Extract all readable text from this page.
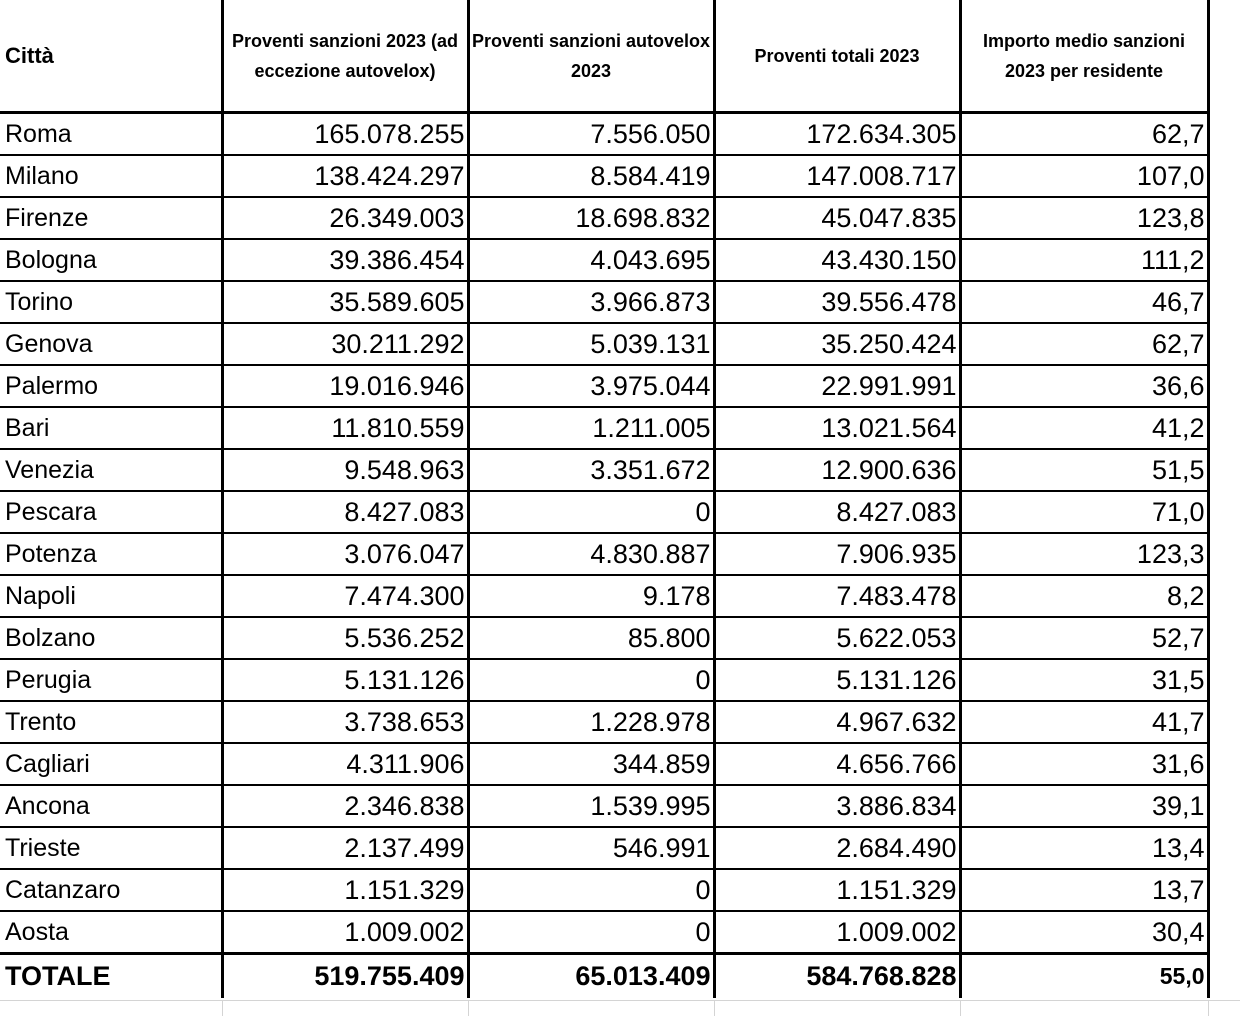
Città	Proventi sanzioni 2023 (ad eccezione autovelox)	Proventi sanzioni autovelox 2023	Proventi totali 2023	Importo medio sanzioni 2023 per residente
Roma	165.078.255	7.556.050	172.634.305	62,7
Milano	138.424.297	8.584.419	147.008.717	107,0
Firenze	26.349.003	18.698.832	45.047.835	123,8
Bologna	39.386.454	4.043.695	43.430.150	111,2
Torino	35.589.605	3.966.873	39.556.478	46,7
Genova	30.211.292	5.039.131	35.250.424	62,7
Palermo	19.016.946	3.975.044	22.991.991	36,6
Bari	11.810.559	1.211.005	13.021.564	41,2
Venezia	9.548.963	3.351.672	12.900.636	51,5
Pescara	8.427.083	0	8.427.083	71,0
Potenza	3.076.047	4.830.887	7.906.935	123,3
Napoli	7.474.300	9.178	7.483.478	8,2
Bolzano	5.536.252	85.800	5.622.053	52,7
Perugia	5.131.126	0	5.131.126	31,5
Trento	3.738.653	1.228.978	4.967.632	41,7
Cagliari	4.311.906	344.859	4.656.766	31,6
Ancona	2.346.838	1.539.995	3.886.834	39,1
Trieste	2.137.499	546.991	2.684.490	13,4
Catanzaro	1.151.329	0	1.151.329	13,7
Aosta	1.009.002	0	1.009.002	30,4
TOTALE	519.755.409	65.013.409	584.768.828	55,0
